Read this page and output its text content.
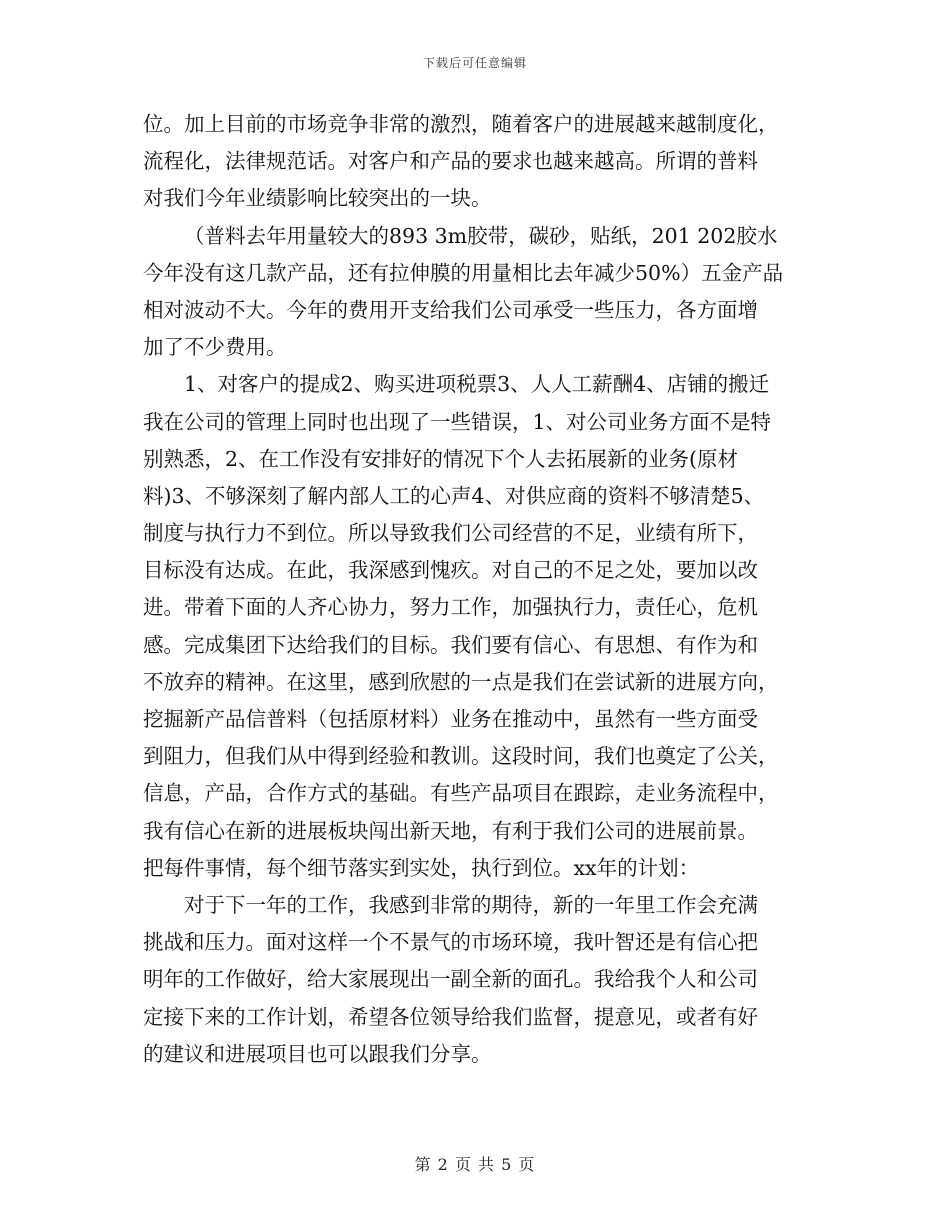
下载后可任意编辑
位。加上目前的市场竞争非常的激烈，随着客户的进展越来越制度化，
流程化，法律规范话。对客户和产品的要求也越来越高。所谓的普料
对我们今年业绩影响比较突出的一块。
（普料去年用量较大的893 3m胶带，碳砂，贴纸，201 202胶水
今年没有这几款产品，还有拉伸膜的用量相比去年减少50%）五金产品
相对波动不大。今年的费用开支给我们公司承受一些压力，各方面增
加了不少费用。
1、对客户的提成2、购买进项税票3、人人工薪酬4、店铺的搬迁
我在公司的管理上同时也出现了一些错误，1、对公司业务方面不是特
别熟悉，2、在工作没有安排好的情况下个人去拓展新的业务(原材
料)3、不够深刻了解内部人工的心声4、对供应商的资料不够清楚5、
制度与执行力不到位。所以导致我们公司经营的不足，业绩有所下，
目标没有达成。在此，我深感到愧疚。对自己的不足之处，要加以改
进。带着下面的人齐心协力，努力工作，加强执行力，责任心，危机
感。完成集团下达给我们的目标。我们要有信心、有思想、有作为和
不放弃的精神。在这里，感到欣慰的一点是我们在尝试新的进展方向，
挖掘新产品信普料（包括原材料）业务在推动中，虽然有一些方面受
到阻力，但我们从中得到经验和教训。这段时间，我们也奠定了公关，
信息，产品，合作方式的基础。有些产品项目在跟踪，走业务流程中，
我有信心在新的进展板块闯出新天地，有利于我们公司的进展前景。
把每件事情，每个细节落实到实处，执行到位。xx年的计划：
对于下一年的工作，我感到非常的期待，新的一年里工作会充满
挑战和压力。面对这样一个不景气的市场环境，我叶智还是有信心把
明年的工作做好，给大家展现出一副全新的面孔。我给我个人和公司
定接下来的工作计划，希望各位领导给我们监督，提意见，或者有好
的建议和进展项目也可以跟我们分享。
第 2 页 共 5 页
